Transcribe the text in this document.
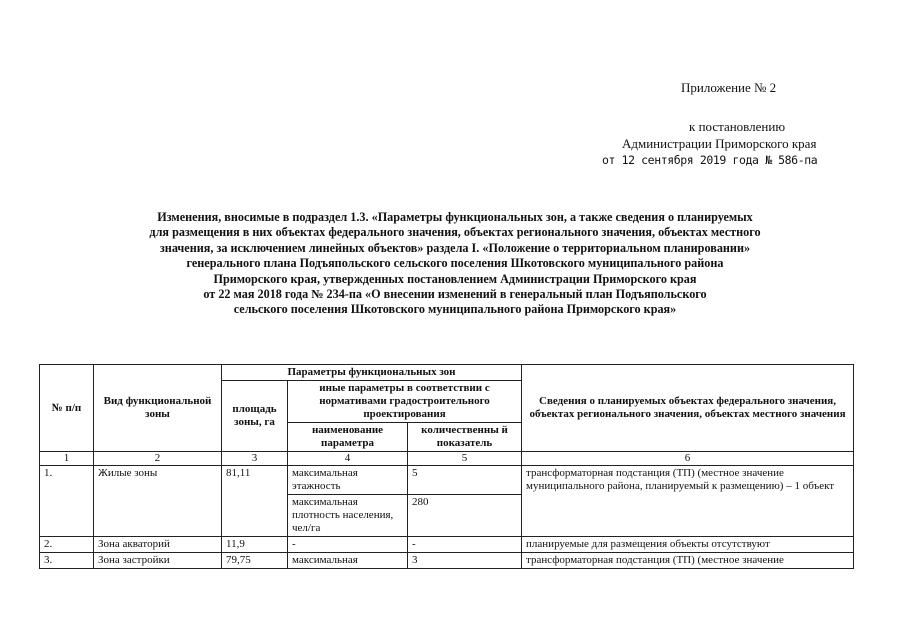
Приложение № 2
к постановлению
Администрации Приморского края
от 12 сентября 2019 года № 586-па
Изменения, вносимые в подраздел 1.3. «Параметры функциональных зон, а также сведения о планируемых
для размещения в них объектах федерального значения, объектах регионального значения, объектах местного
значения, за исключением линейных объектов» раздела I. «Положение о территориальном планировании»
генерального плана Подъяпольского сельского поселения Шкотовского муниципального района
Приморского края, утвержденных постановлением Администрации Приморского края
от 22 мая 2018 года № 234-па «О внесении изменений в генеральный план Подъяпольского
сельского поселения Шкотовского муниципального района Приморского края»
№ п/п	Вид функциональной зоны	Параметры функциональных зон			Сведения о планируемых объектах федерального значения, объектах регионального значения, объектах местного значения
		площадь зоны, га	иные параметры в соответствии с нормативами градостроительного проектирования		
			наименование параметра	количественны й показатель	
1	2	3	4	5	6
1.	Жилые зоны	81,11	максимальная этажность	5	трансформаторная подстанция (ТП) (местное значение муниципального района, планируемый к размещению) – 1 объект
			максимальная плотность населения, чел/га	280	
2.	Зона акваторий	11,9	-	-	планируемые для размещения объекты отсутствуют
3.	Зона застройки	79,75	максимальная	3	трансформаторная подстанция (ТП) (местное значение
